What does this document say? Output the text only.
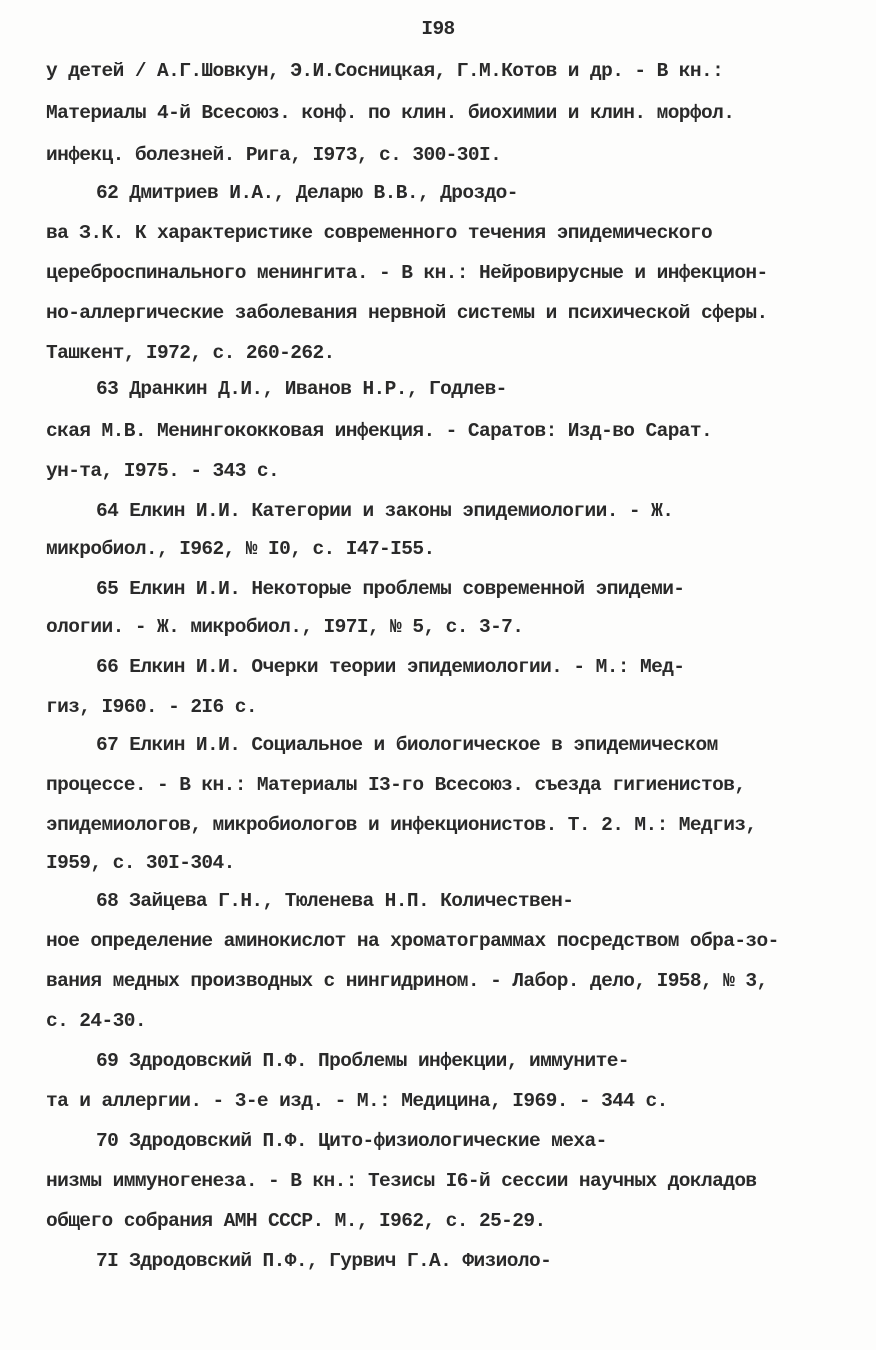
I98
у детей / А.Г.Шовкун, Э.И.Сосницкая, Г.М.Котов и др. - В кн.:
Материалы 4-й Всесоюз. конф. по клин. биохимии и клин. морфол.
инфекц. болезней. Рига, I973, с. 300-30I.
62 Дмитриев И.А., Деларю В.В., Дроздо-
ва З.К. К характеристике современного течения эпидемического
цереброспинального менингита. - В кн.: Нейровирусные и инфекцион-
но-аллергические заболевания нервной системы и психической сферы.
Ташкент, I972, с. 260-262.
63 Дранкин Д.И., Иванов Н.Р., Годлев-
ская М.В. Менингококковая инфекция. - Саратов: Изд-во Сарат.
ун-та, I975. - 343 с.
64 Елкин И.И. Категории и законы эпидемиологии. - Ж.
микробиол., I962, № I0, с. I47-I55.
65 Елкин И.И. Некоторые проблемы современной эпидеми-
ологии. - Ж. микробиол., I97I, № 5, с. 3-7.
66 Елкин И.И. Очерки теории эпидемиологии. - М.: Мед-
гиз, I960. - 2I6 с.
67 Елкин И.И. Социальное и биологическое в эпидемическом
процессе. - В кн.: Материалы I3-го Всесоюз. съезда гигиенистов,
эпидемиологов, микробиологов и инфекционистов. Т. 2. М.: Медгиз,
I959, с. 30I-304.
68 Зайцева Г.Н., Тюленева Н.П. Количествен-
ное определение аминокислот на хроматограммах посредством обра-зо-
вания медных производных с нингидрином. - Лабор. дело, I958, № 3,
с. 24-30.
69 Здродовский П.Ф. Проблемы инфекции, иммуните-
та и аллергии. - 3-е изд. - М.: Медицина, I969. - 344 с.
70 Здродовский П.Ф. Цито-физиологические меха-
низмы иммуногенеза. - В кн.: Тезисы I6-й сессии научных докладов
общего собрания АМН СССР. М., I962, с. 25-29.
7I Здродовский П.Ф., Гурвич Г.А. Физиоло-
